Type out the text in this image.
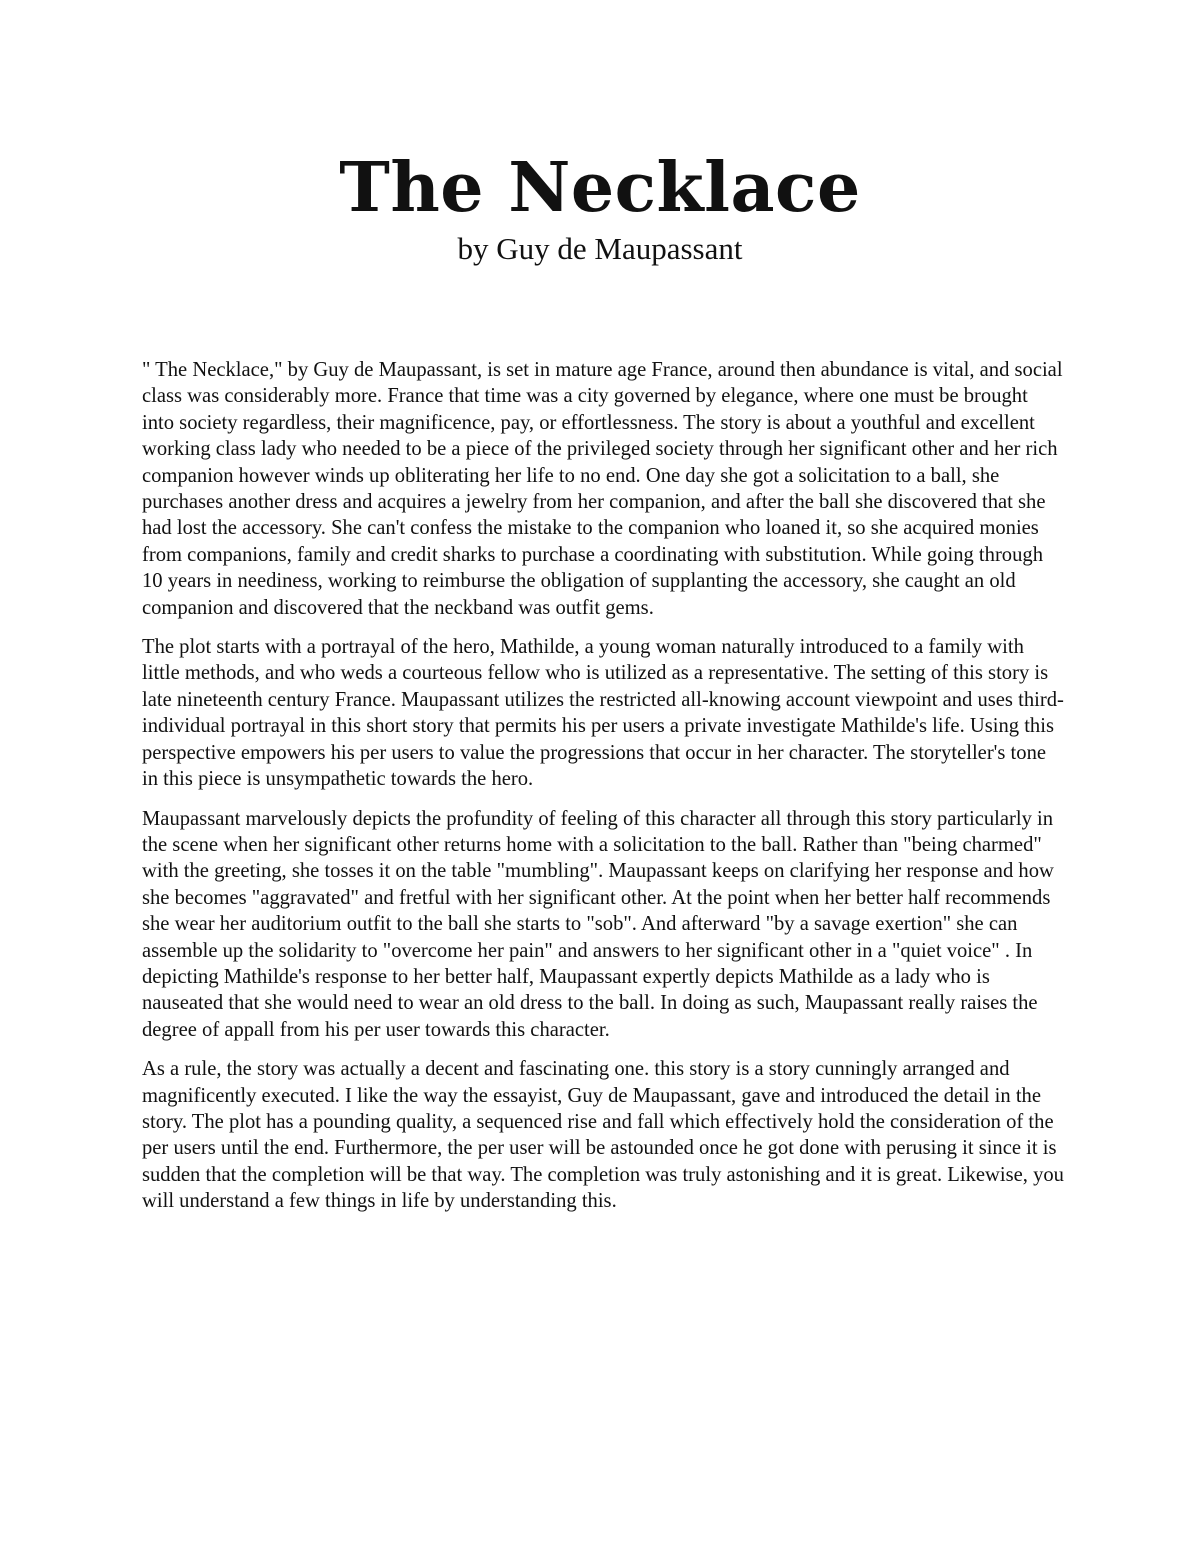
The Necklace
by Guy de Maupassant

" The Necklace," by Guy de Maupassant, is set in mature age France, around then abundance is vital, and social class was considerably more. France that time was a city governed by elegance, where one must be brought into society regardless, their magnificence, pay, or effortlessness. The story is about a youthful and excellent working class lady who needed to be a piece of the privileged society through her significant other and her rich companion however winds up obliterating her life to no end. One day she got a solicitation to a ball, she purchases another dress and acquires a jewelry from her companion, and after the ball she discovered that she had lost the accessory. She can't confess the mistake to the companion who loaned it, so she acquired monies from companions, family and credit sharks to purchase a coordinating with substitution. While going through 10 years in neediness, working to reimburse the obligation of supplanting the accessory, she caught an old companion and discovered that the neckband was outfit gems.

The plot starts with a portrayal of the hero, Mathilde, a young woman naturally introduced to a family with little methods, and who weds a courteous fellow who is utilized as a representative. The setting of this story is late nineteenth century France. Maupassant utilizes the restricted all-knowing account viewpoint and uses third-individual portrayal in this short story that permits his per users a private investigate Mathilde's life. Using this perspective empowers his per users to value the progressions that occur in her character. The storyteller's tone in this piece is unsympathetic towards the hero.

Maupassant marvelously depicts the profundity of feeling of this character all through this story particularly in the scene when her significant other returns home with a solicitation to the ball. Rather than "being charmed" with the greeting, she tosses it on the table "mumbling". Maupassant keeps on clarifying her response and how she becomes "aggravated" and fretful with her significant other. At the point when her better half recommends she wear her auditorium outfit to the ball she starts to "sob". And afterward "by a savage exertion" she can assemble up the solidarity to "overcome her pain" and answers to her significant other in a "quiet voice" . In depicting Mathilde's response to her better half, Maupassant expertly depicts Mathilde as a lady who is nauseated that she would need to wear an old dress to the ball. In doing as such, Maupassant really raises the degree of appall from his per user towards this character.

As a rule, the story was actually a decent and fascinating one. this story is a story cunningly arranged and magnificently executed. I like the way the essayist, Guy de Maupassant, gave and introduced the detail in the story. The plot has a pounding quality, a sequenced rise and fall which effectively hold the consideration of the per users until the end. Furthermore, the per user will be astounded once he got done with perusing it since it is sudden that the completion will be that way. The completion was truly astonishing and it is great. Likewise, you will understand a few things in life by understanding this.
